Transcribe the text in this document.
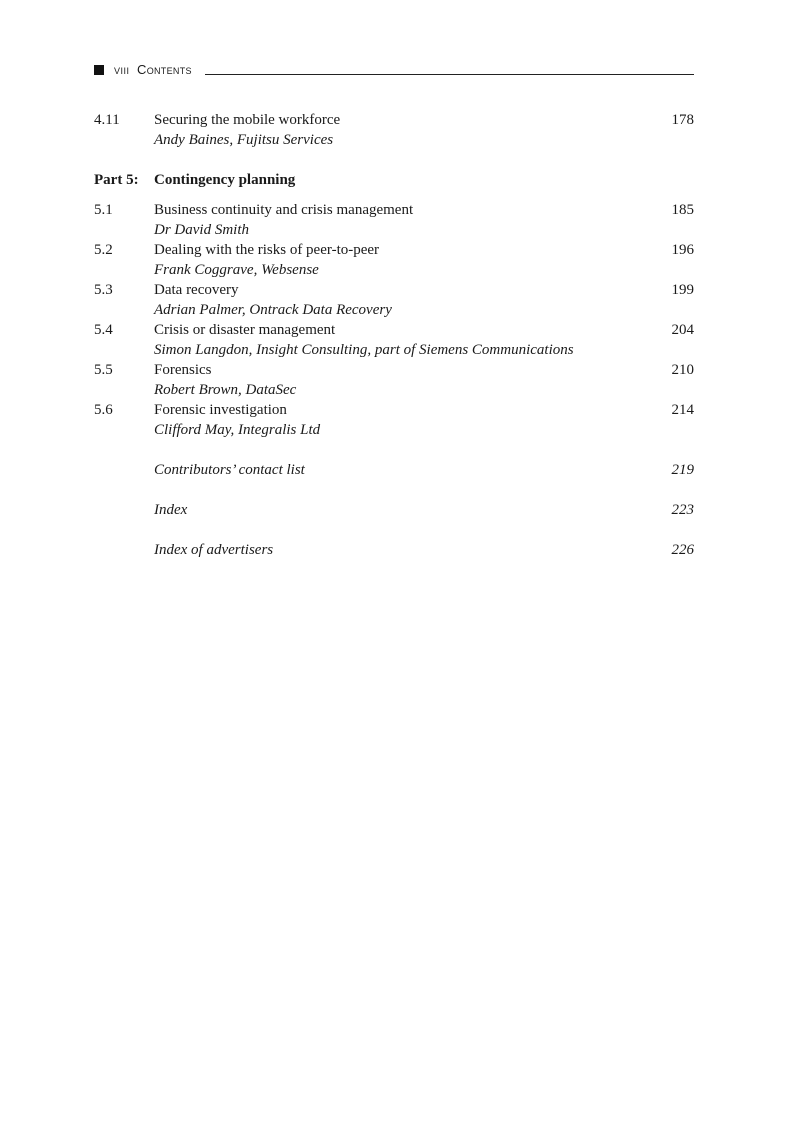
VIII Contents
4.11 Securing the mobile workforce	178
Andy Baines, Fujitsu Services
Part 5: Contingency planning
5.1	Business continuity and crisis management	185
Dr David Smith
5.2	Dealing with the risks of peer-to-peer	196
Frank Coggrave, Websense
5.3	Data recovery	199
Adrian Palmer, Ontrack Data Recovery
5.4	Crisis or disaster management	204
Simon Langdon, Insight Consulting, part of Siemens Communications
5.5	Forensics	210
Robert Brown, DataSec
5.6	Forensic investigation	214
Clifford May, Integralis Ltd
Contributors’ contact list	219
Index	223
Index of advertisers	226
